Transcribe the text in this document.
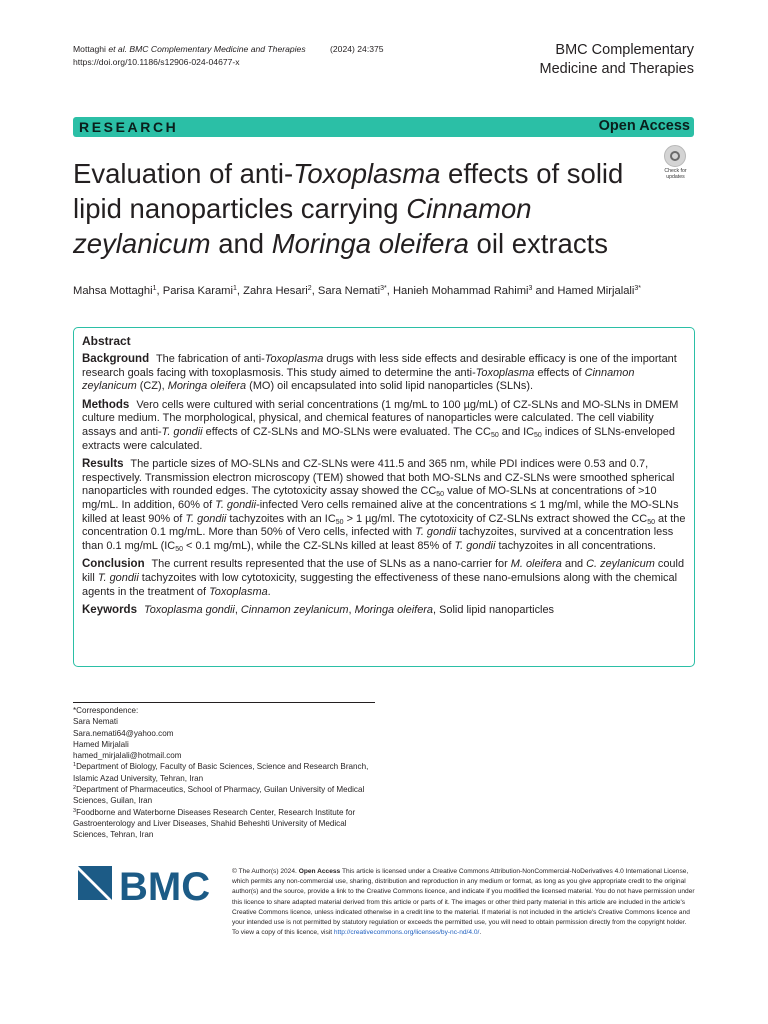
Mottaghi et al. BMC Complementary Medicine and Therapies	(2024) 24:375
https://doi.org/10.1186/s12906-024-04677-x
BMC Complementary
Medicine and Therapies
RESEARCH	Open Access
Evaluation of anti-Toxoplasma effects of solid lipid nanoparticles carrying Cinnamon zeylanicum and Moringa oleifera oil extracts
Check for
updates
Mahsa Mottaghi$^1$, Parisa Karami$^1$, Zahra Hesari$^2$, Sara Nemati$^{3*}$, Hanieh Mohammad Rahimi$^3$ and Hamed Mirjalali$^{3*}$
Abstract

Background The fabrication of anti-Toxoplasma drugs with less side effects and desirable efficacy is one of the important research goals facing with toxoplasmosis. This study aimed to determine the anti-Toxoplasma effects of Cinnamon zeylanicum (CZ), Moringa oleifera (MO) oil encapsulated into solid lipid nanoparticles (SLNs).

Methods Vero cells were cultured with serial concentrations (1 mg/mL to 100 µg/mL) of CZ-SLNs and MO-SLNs in DMEM culture medium. The morphological, physical, and chemical features of nanoparticles were calculated. The cell viability assays and anti-T. gondii effects of CZ-SLNs and MO-SLNs were evaluated. The $CC_{50}$ and $IC_{50}$ indices of SLNs-enveloped extracts were calculated.

Results The particle sizes of MO-SLNs and CZ-SLNs were 411.5 and 365 nm, while PDI indices were 0.53 and 0.7, respectively. Transmission electron microscopy (TEM) showed that both MO-SLNs and CZ-SLNs were smoothed spherical nanoparticles with rounded edges. The cytotoxicity assay showed the $CC_{50}$ value of MO-SLNs at concentrations of ˃10 mg/mL. In addition, 60% of T. gondii-infected Vero cells remained alive at the concentrations ≤ 1 mg/ml, while the MO-SLNs killed at least 90% of T. gondii tachyzoites with an $IC_{50} > 1$ µg/ml. The cytotoxicity of CZ-SLNs extract showed the $CC_{50}$ at the concentration 0.1 mg/mL. More than 50% of Vero cells, infected with T. gondii tachyzoites, survived at a concentration less than 0.1 mg/mL ($IC_{50}$ ˂ 0.1 mg/mL), while the CZ-SLNs killed at least 85% of T. gondii tachyzoites in all concentrations.

Conclusion The current results represented that the use of SLNs as a nano-carrier for M. oleifera and C. zeylanicum could kill T. gondii tachyzoites with low cytotoxicity, suggesting the effectiveness of these nano-emulsions along with the chemical agents in the treatment of Toxoplasma.

Keywords Toxoplasma gondii, Cinnamon zeylanicum, Moringa oleifera, Solid lipid nanoparticles

*Correspondence:
Sara Nemati
Sara.nemati64@yahoo.com
Hamed Mirjalali
hamed_mirjalali@hotmail.com
$^1$Department of Biology, Faculty of Basic Sciences, Science and Research Branch, Islamic Azad University, Tehran, Iran
$^2$Department of Pharmaceutics, School of Pharmacy, Guilan University of Medical Sciences, Guilan, Iran
$^3$Foodborne and Waterborne Diseases Research Center, Research Institute for Gastroenterology and Liver Diseases, Shahid Beheshti University of Medical Sciences, Tehran, Iran
BMC	© The Author(s) 2024. Open Access This article is licensed under a Creative Commons Attribution-NonCommercial-NoDerivatives 4.0 International License, which permits any non-commercial use, sharing, distribution and reproduction in any medium or format, as long as you give appropriate credit to the original author(s) and the source, provide a link to the Creative Commons licence, and indicate if you modified the licensed material. You do not have permission under this licence to share adapted material derived from this article or parts of it. The images or other third party material in this article are included in the article's Creative Commons licence, unless indicated otherwise in a credit line to the material. If material is not included in the article's Creative Commons licence and your intended use is not permitted by statutory regulation or exceeds the permitted use, you will need to obtain permission directly from the copyright holder. To view a copy of this licence, visit http://creativecommons.org/licenses/by-nc-nd/4.0/.
